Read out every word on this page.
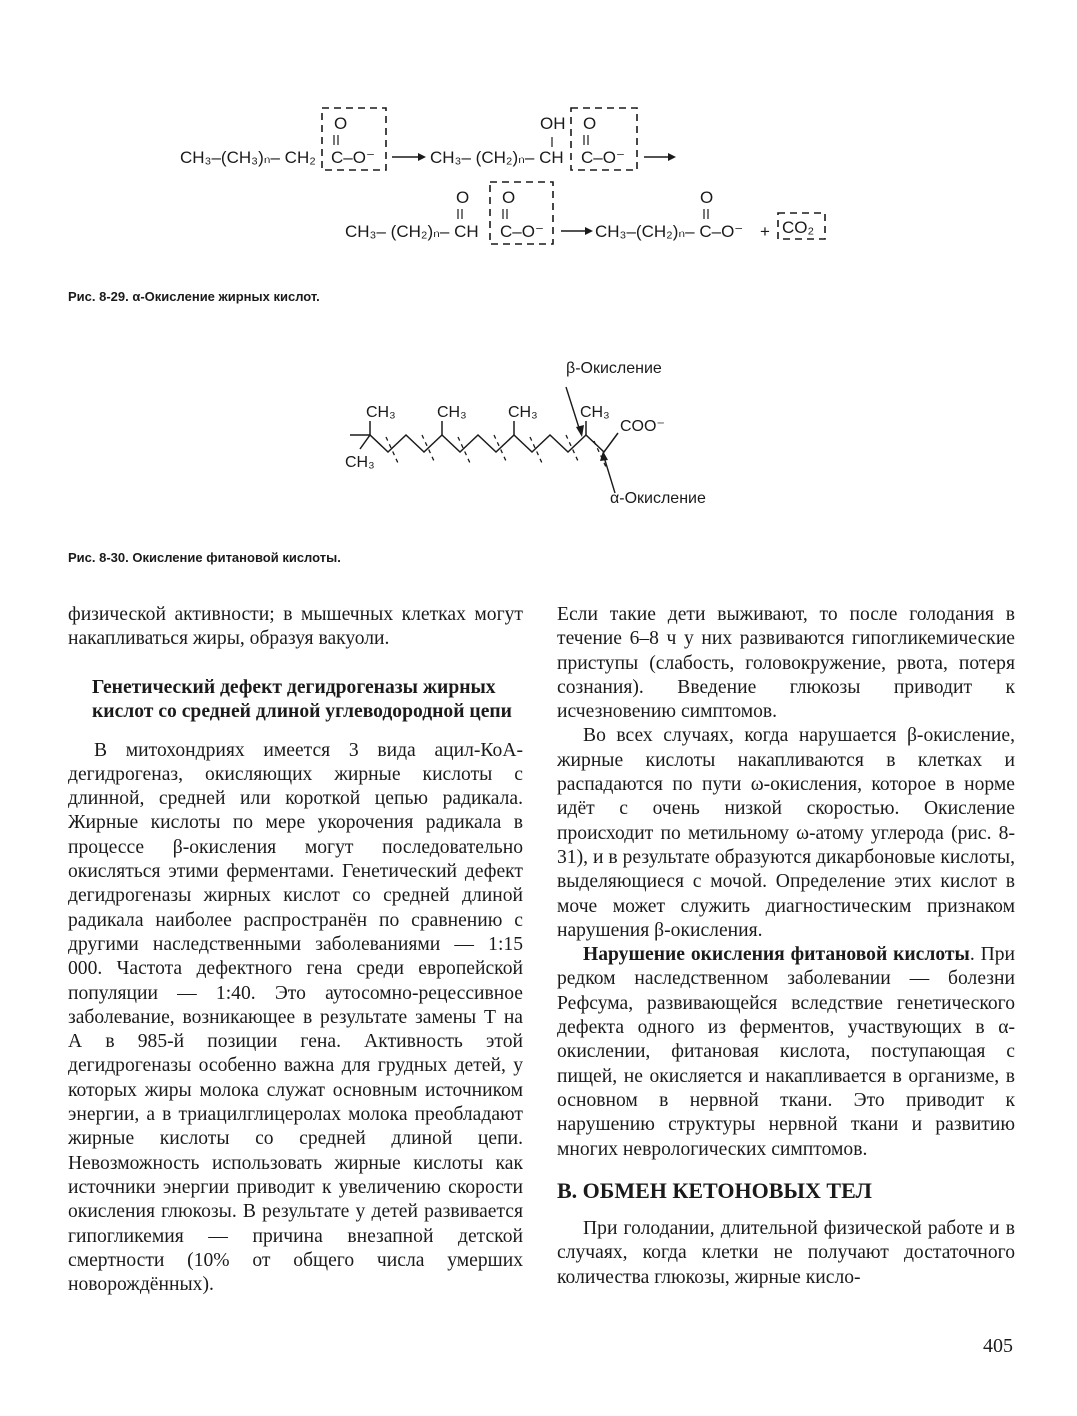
CH₃–(CH₃)ₙ– CH₂
O
C–O⁻	CH₃– (CH₂)ₙ– CH
OH O
C–O⁻
CH₃– (CH₂)ₙ– CH
O O
C–O⁻	CH₃–(CH₂)ₙ– C–O⁻
O
+ CO₂
Рис. 8-29. α-Окисление жирных кислот.
β-Окисление
CH₃	CH₃	CH₃	CH₃
CH₃
COO⁻
α-Окисление
Рис. 8-30. Окисление фитановой кислоты.

физической активности; в мышечных клетках могут накапливаться жиры, образуя вакуоли.

Генетический дефект дегидрогеназы жирных кислот со средней длиной углеводородной цепи

В митохондриях имеется 3 вида ацил-КоА-дегидрогеназ, окисляющих жирные кислоты с длинной, средней или короткой цепью радикала. Жирные кислоты по мере укорочения радикала в процессе β-окисления могут последовательно окисляться этими ферментами. Генетический дефект дегидрогеназы жирных кислот со средней длиной радикала наиболее распространён по сравнению с другими наследственными заболеваниями — 1:15 000. Частота дефектного гена среди европейской популяции — 1:40. Это аутосомно-рецессивное заболевание, возникающее в результате замены Т на А в 985-й позиции гена. Активность этой дегидрогеназы особенно важна для грудных детей, у которых жиры молока служат основным источником энергии, а в триацилглицеролах молока преобладают жирные кислоты со средней длиной цепи. Невозможность использовать жирные кислоты как источники энергии приводит к увеличению скорости окисления глюкозы. В результате у детей развивается гипогликемия — причина внезапной детской смертности (10% от общего числа умерших новорождённых).

Если такие дети выживают, то после голодания в течение 6–8 ч у них развиваются гипогликемические приступы (слабость, головокружение, рвота, потеря сознания). Введение глюкозы приводит к исчезновению симптомов.

Во всех случаях, когда нарушается β-окисление, жирные кислоты накапливаются в клетках и распадаются по пути ω-окисления, которое в норме идёт с очень низкой скоростью. Окисление происходит по метильному ω-атому углерода (рис. 8-31), и в результате образуются дикарбоновые кислоты, выделяющиеся с мочой. Определение этих кислот в моче может служить диагностическим признаком нарушения β-окисления.

Нарушение окисления фитановой кислоты. При редком наследственном заболевании — болезни Рефсума, развивающейся вследствие генетического дефекта одного из ферментов, участвующих в α-окислении, фитановая кислота, поступающая с пищей, не окисляется и накапливается в организме, в основном в нервной ткани. Это приводит к нарушению структуры нервной ткани и развитию многих неврологических симптомов.

В. ОБМЕН КЕТОНОВЫХ ТЕЛ

При голодании, длительной физической работе и в случаях, когда клетки не получают достаточного количества глюкозы, жирные кисло-

405
